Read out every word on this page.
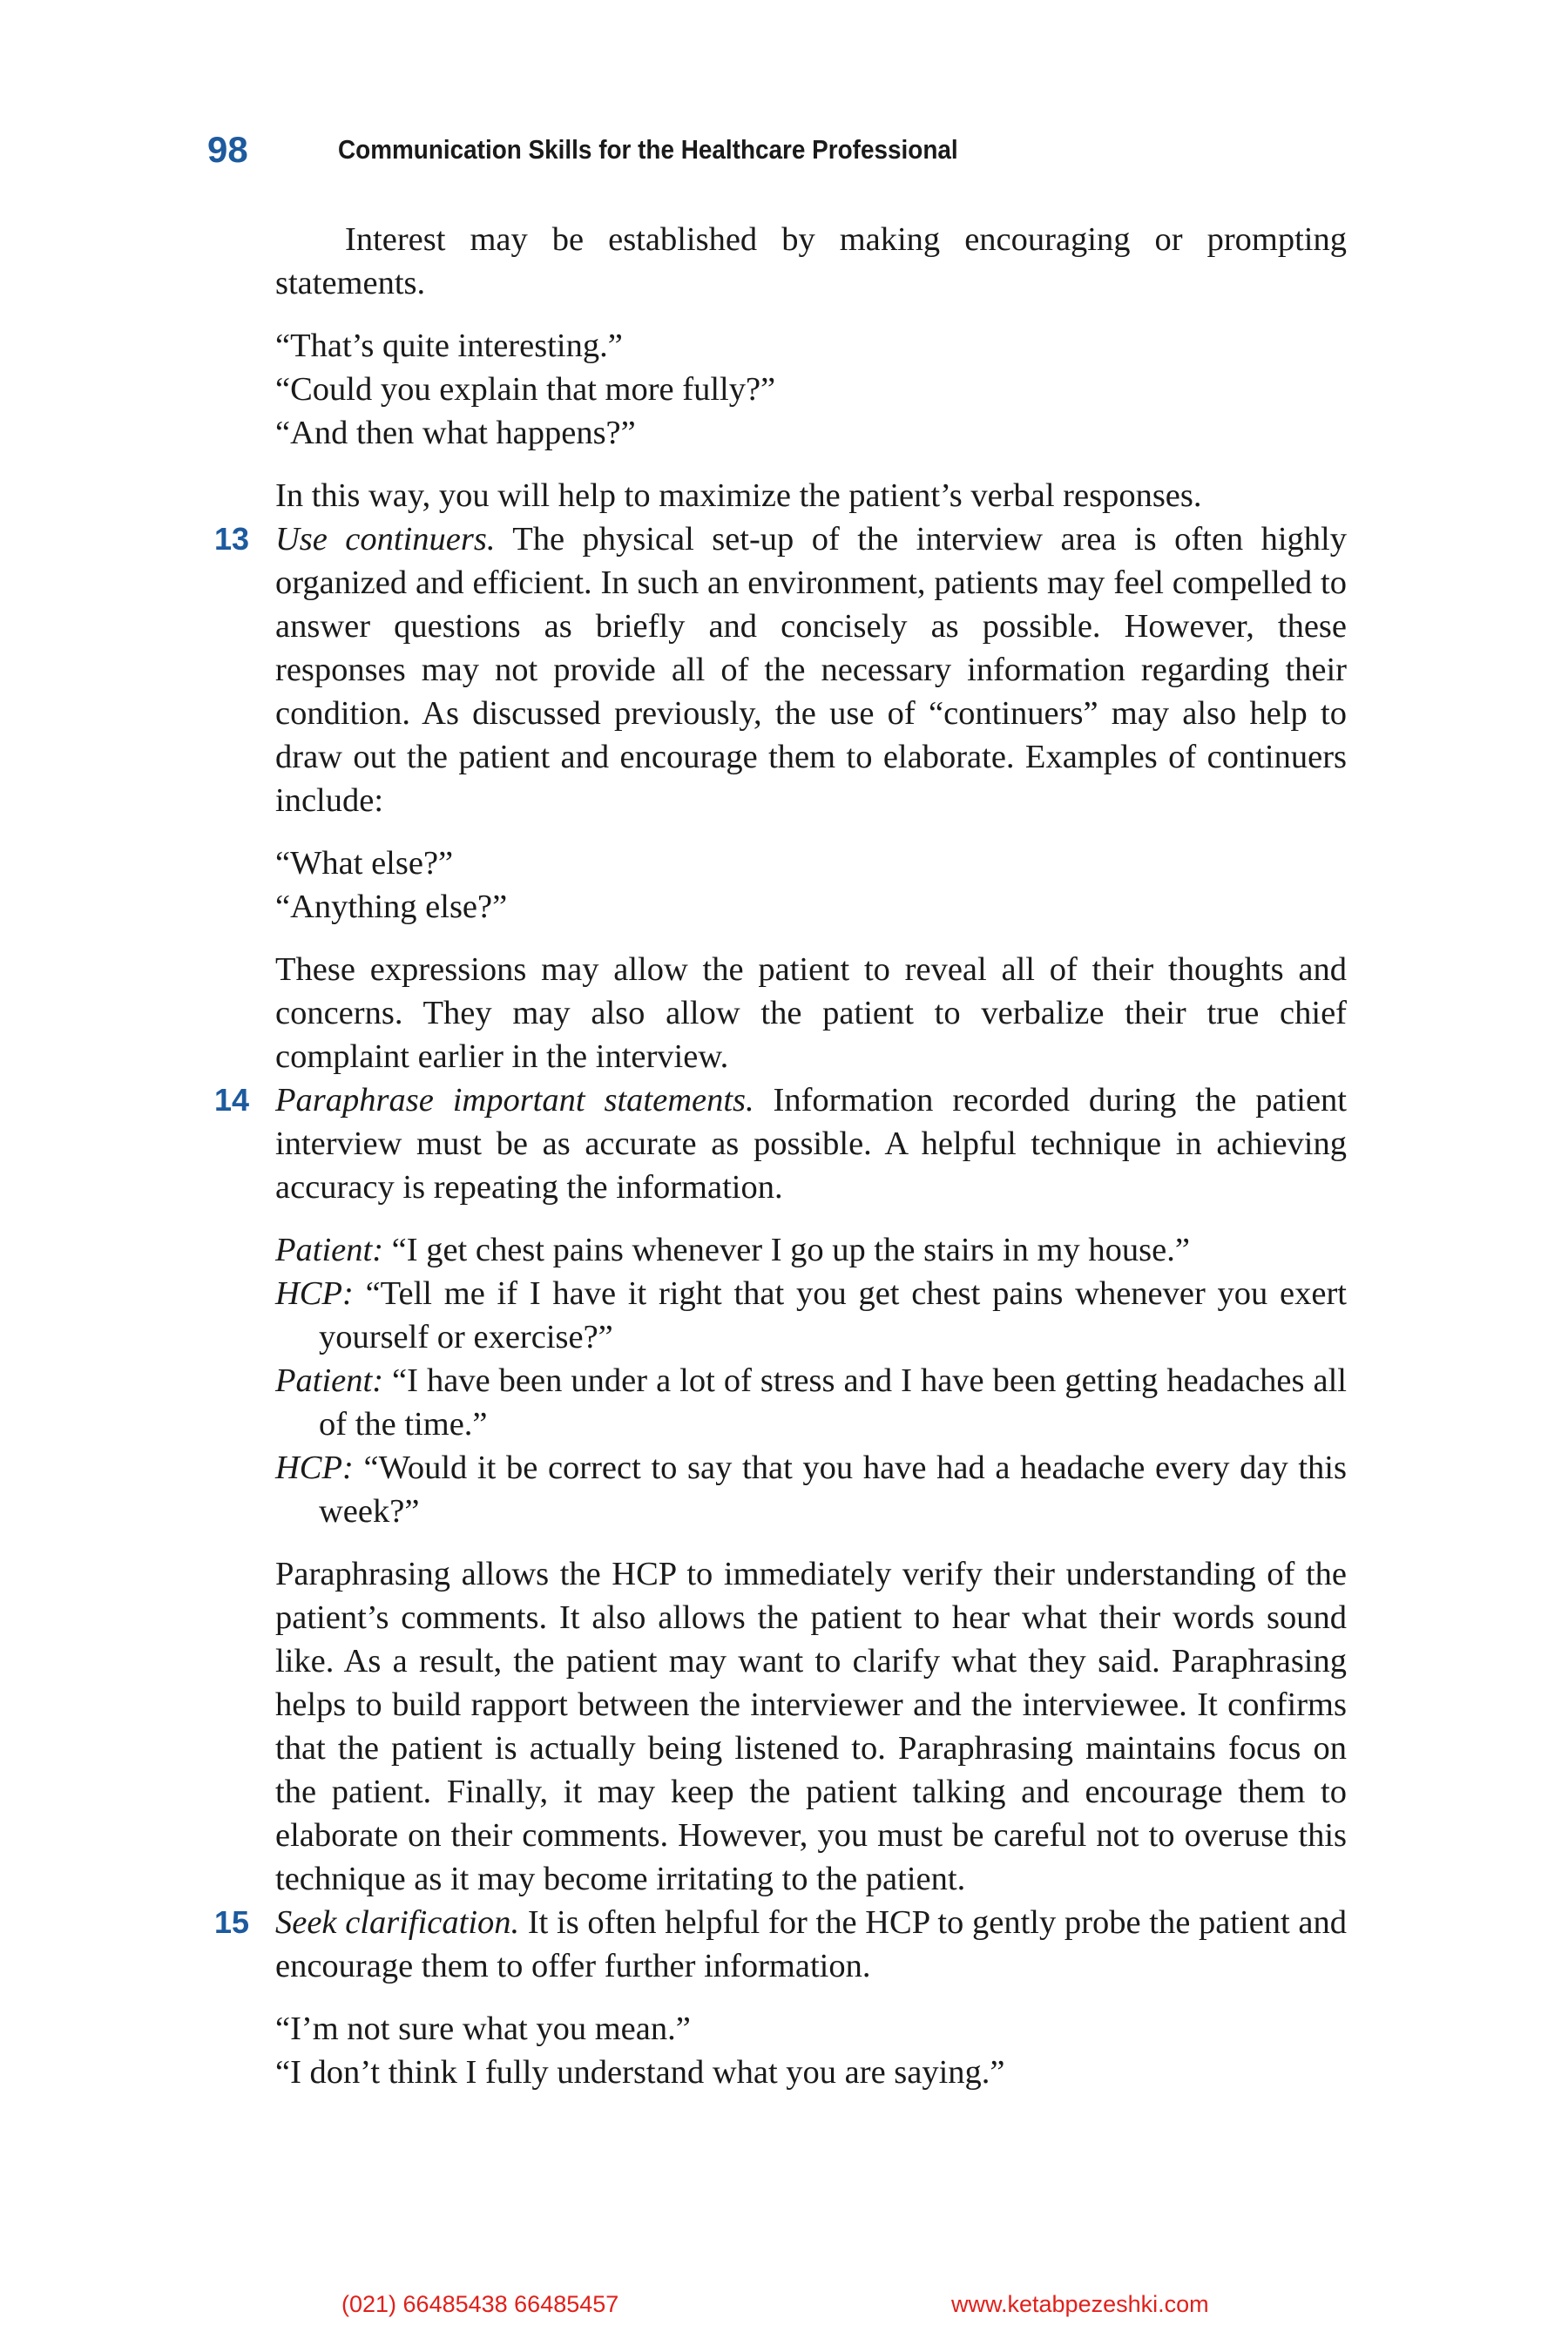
98	Communication Skills for the Healthcare Professional

Interest may be established by making encouraging or prompting statements.

“That’s quite interesting.”
“Could you explain that more fully?”
“And then what happens?”

In this way, you will help to maximize the patient’s verbal responses.

13 Use continuers. The physical set-up of the interview area is often highly organized and efficient. In such an environment, patients may feel compelled to answer questions as briefly and concisely as possible. However, these responses may not provide all of the necessary information regarding their condition. As discussed previously, the use of “continuers” may also help to draw out the patient and encourage them to elaborate. Examples of continuers include:

“What else?”
“Anything else?”

These expressions may allow the patient to reveal all of their thoughts and concerns. They may also allow the patient to verbalize their true chief complaint earlier in the interview.

14 Paraphrase important statements. Information recorded during the patient interview must be as accurate as possible. A helpful technique in achieving accuracy is repeating the information.

Patient: “I get chest pains whenever I go up the stairs in my house.”

HCP: “Tell me if I have it right that you get chest pains whenever you exert yourself or exercise?”

Patient: “I have been under a lot of stress and I have been getting headaches all of the time.”

HCP: “Would it be correct to say that you have had a headache every day this week?”

Paraphrasing allows the HCP to immediately verify their understanding of the patient’s comments. It also allows the patient to hear what their words sound like. As a result, the patient may want to clarify what they said. Paraphrasing helps to build rapport between the interviewer and the interviewee. It confirms that the patient is actually being listened to. Paraphrasing maintains focus on the patient. Finally, it may keep the patient talking and encourage them to elaborate on their comments. However, you must be careful not to overuse this technique as it may become irritating to the patient.

15 Seek clarification. It is often helpful for the HCP to gently probe the patient and encourage them to offer further information.

“I’m not sure what you mean.”
“I don’t think I fully understand what you are saying.”
(021) 66485438 66485457	www.ketabpezeshki.com
